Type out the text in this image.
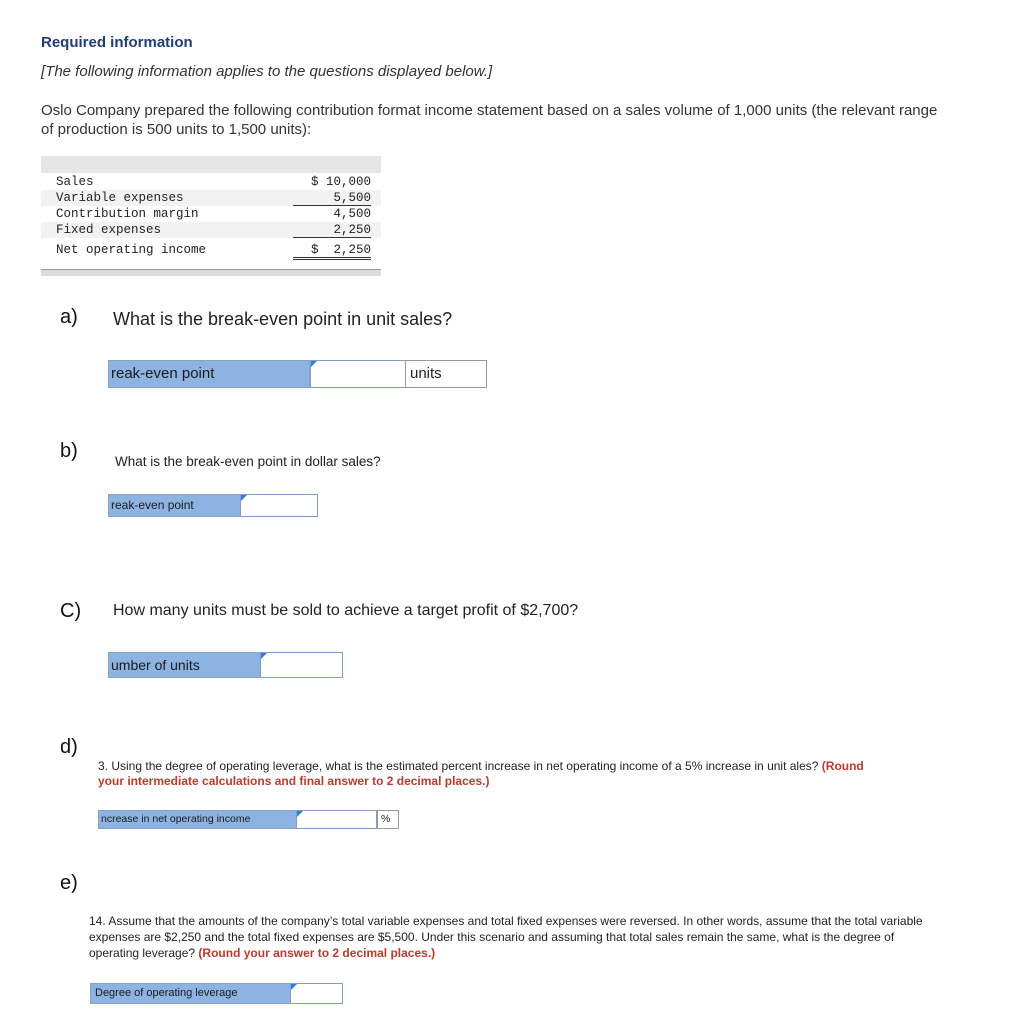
Required information
[The following information applies to the questions displayed below.]
Oslo Company prepared the following contribution format income statement based on a sales volume of 1,000 units (the relevant range of production is 500 units to 1,500 units):
Sales	$ 10,000
Variable expenses	5,500
Contribution margin	4,500
Fixed expenses	2,250
Net operating income	$  2,250
a) What is the break-even point in unit sales?
reak-even point	units
b)	What is the break-even point in dollar sales?
reak-even point
C) How many units must be sold to achieve a target profit of $2,700?
umber of units
d)
3. Using the degree of operating leverage, what is the estimated percent increase in net operating income of a 5% increase in unit ales? (Round your intermediate calculations and final answer to 2 decimal places.)
ncrease in net operating income	%
e)
14. Assume that the amounts of the company’s total variable expenses and total fixed expenses were reversed. In other words, assume that the total variable expenses are $2,250 and the total fixed expenses are $5,500. Under this scenario and assuming that total sales remain the same, what is the degree of operating leverage? (Round your answer to 2 decimal places.)
Degree of operating leverage
